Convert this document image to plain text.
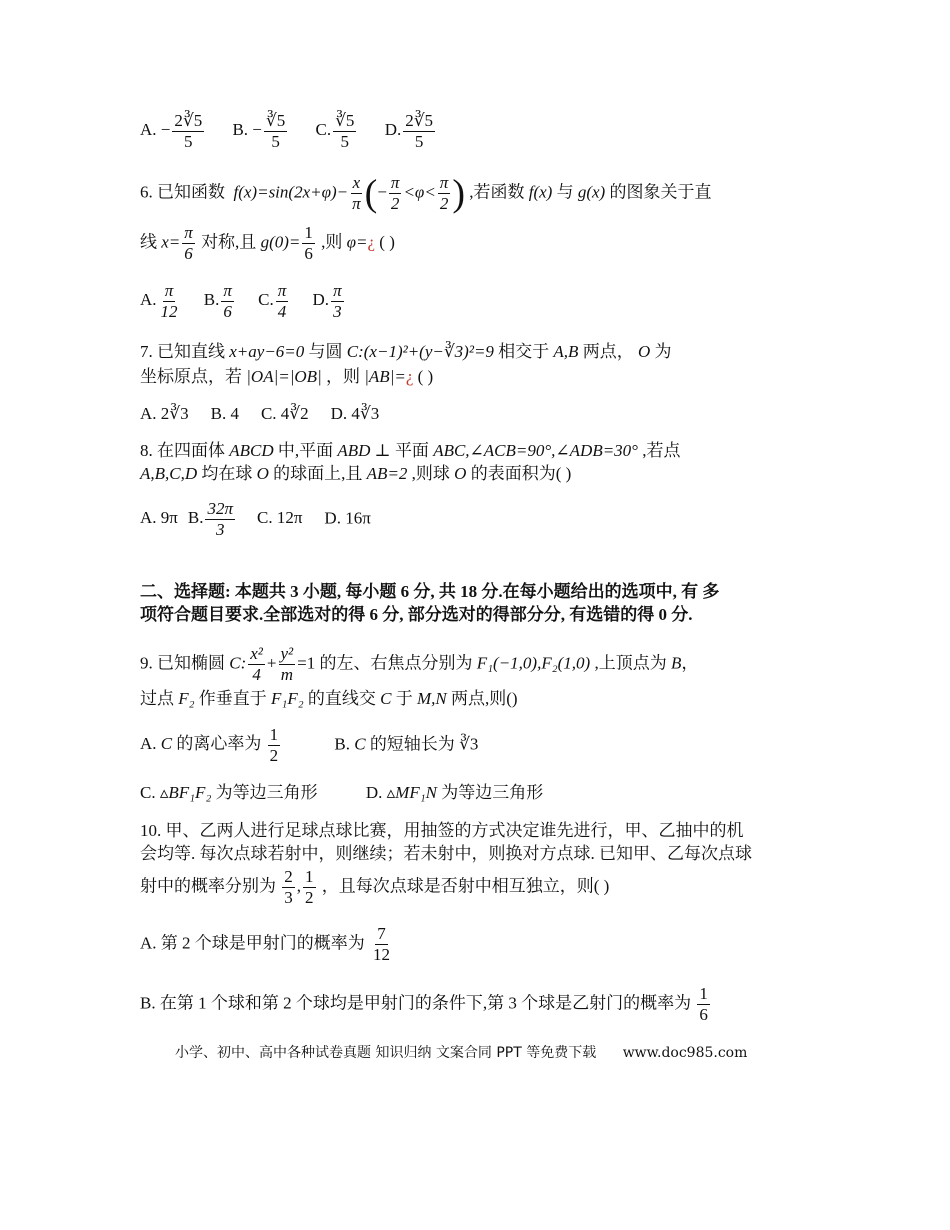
A. − $\frac{2∛5}{5} B$. − $\frac{∛5}{5} C$. $\frac{∛5}{5} D$. $\frac{2∛5}{5}$
6. 已知函数 $f(x)=\sin(2x+\varphi)- \frac{x}{\pi}$ (− $\frac{\pi}{2} <\varphi< \frac{\pi}{2}$ ) ,若函数 f(x) 与 g(x) 的图象关于直
线 $x= \frac{\pi}{6}$ 对称,且 $g(0)= \frac{1}{6}$ ,则 φ=¿ ( )
A. $\frac{\pi}{12} B$. $\frac{\pi}{6} C$. $\frac{\pi}{4} D$. $\frac{\pi}{3}$
7. 已知直线 x+ay−6=0 与圆 C:(x−1)²+(y−∛3)²=9 相交于 A,B 两点， O 为
坐标原点，若 |OA|=|OB| ，则 |AB|=¿ ( )
A. 2∛3 B. 4 C. 4∛2 D. 4∛3
8. 在四面体 ABCD 中,平面 ABD ⊥ 平面 ABC,∠ACB=90°,∠ADB=30° ,若点
A,B,C,D 均在球 O 的球面上,且 AB=2 ,则球 O 的表面积为( )
A. 9π B. $\frac{32\pi}{3} C$. 12π D. 16π
二、选择题: 本题共 3 小题, 每小题 6 分, 共 18 分.在每小题给出的选项中, 有 多
项符合题目要求.全部选对的得 6 分, 部分选对的得部分分, 有选错的得 0 分.
9. 已知椭圆 C: $\frac{\text{x²}}{4} + \frac{\text{y²}}{m} =1$ 的左、右焦点分别为 F₁(−1,0),F₂(1,0) ,上顶点为 B，
过点 F₂ 作垂直于 F₁F₂ 的直线交 C 于 M,N 两点,则()
A. C 的离心率为 $\frac{1}{2}$	B. C 的短轴长为 ∛3
C. ▵BF₁F₂ 为等边三角形	D. ▵MF₁N 为等边三角形
10. 甲、乙两人进行足球点球比赛，用抽签的方式决定谁先进行，甲、乙抽中的机
会均等. 每次点球若射中，则继续；若未射中，则换对方点球. 已知甲、乙每次点球
射中的概率分别为 $\frac{2}{3}$ , $\frac{1}{2}$ ，且每次点球是否射中相互独立，则( )
A. 第 2 个球是甲射门的概率为 $\frac{7}{12}$
B. 在第 1 个球和第 2 个球均是甲射门的条件下,第 3 个球是乙射门的概率为 $\frac{1}{6}$
小学、初中、高中各种试卷真题 知识归纳 文案合同 PPT 等免费下载 www.doc985.com
